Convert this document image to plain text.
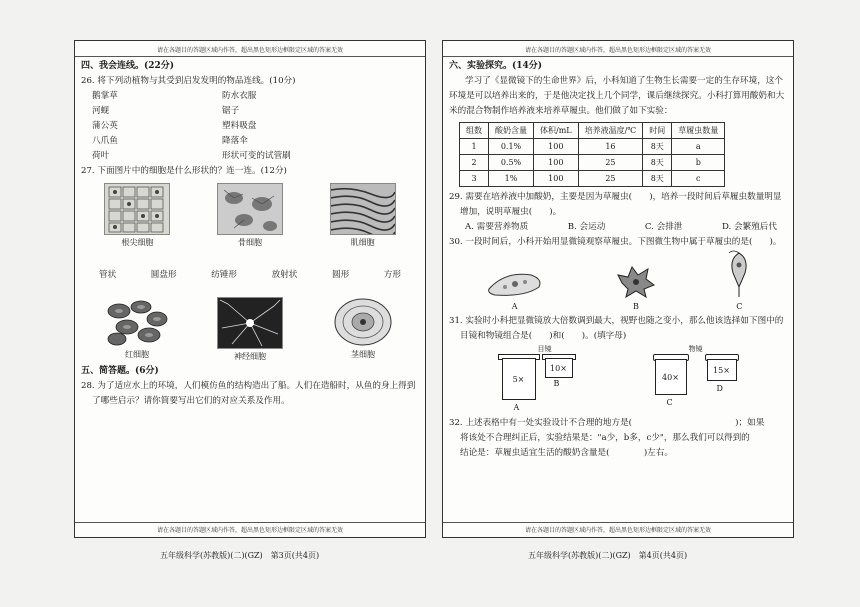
请在各题目的答题区域内作答，超出黑色矩形边框限定区域的答案无效
四、我会连线。(22分)
26. 将下列动植物与其受到启发发明的物品连线。(10分)
鹅掌草	防水衣服
河蚬	锯子
蒲公英	塑料吸盘
八爪鱼	降落伞
荷叶	形状可变的试管刷
27. 下面图片中的细胞是什么形状的？连一连。(12分)
根尖细胞	骨细胞	肌细胞
管状	圆盘形	纺锤形	放射状	圆形	方形
红细胞	神经细胞	茎细胞
五、简答题。(6分)
28. 为了适应水上的环境，人们模仿鱼的结构造出了船。人们在造船时，从鱼的身上得到了哪些启示？请你简要写出它们的对应关系及作用。
请在各题目的答题区域内作答，超出黑色矩形边框限定区域的答案无效
五年级科学(苏教版)(二)(GZ)　第3页(共4页)
请在各题目的答题区域内作答，超出黑色矩形边框限定区域的答案无效
六、实验探究。(14分)
学习了《显微镜下的生命世界》后，小科知道了生物生长需要一定的生存环境，这个环境是可以培养出来的，于是他决定找上几个同学，课后继续探究。小科打算用酸奶和大米的混合物制作培养液来培养草履虫。他们做了如下实验：
组数	酸奶含量	体积/mL	培养液温度/℃	时间	草履虫数量
1	0.1%	100	16	8天	a
2	0.5%	100	25	8天	b
3	1%	100	25	8天	c
29. 需要在培养液中加酸奶，主要是因为草履虫(　　)，培养一段时间后草履虫数量明显增加，说明草履虫(　　)。
A. 需要营养物质	B. 会运动	C. 会排泄	D. 会繁殖后代
30. 一段时间后，小科开始用显微镜观察草履虫。下图微生物中属于草履虫的是(　　)。
A	B	C
31. 实验时小科把显微镜放大倍数调到最大，视野也随之变小，那么他该选择如下图中的目镜和物镜组合是(　　)和(　　)。(填字母)
目镜
5×
A
10×
B
物镜
40×
C
15×
D
32. 上述表格中有一处实验设计不合理的地方是(　　　　　　　　　　　　)；如果
将该处不合理纠正后，实验结果是："a少，b多，c少"，那么我们可以得到的
结论是：草履虫适宜生活的酸奶含量是(　　　　)左右。
请在各题目的答题区域内作答，超出黑色矩形边框限定区域的答案无效
五年级科学(苏教版)(二)(GZ)　第4页(共4页)
